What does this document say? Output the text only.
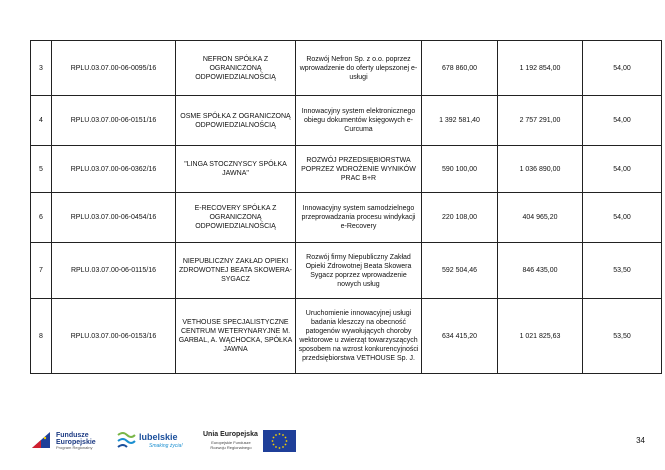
3	RPLU.03.07.00-06-0095/16	NEFRON SPÓŁKA Z OGRANICZONĄ ODPOWIEDZIALNOŚCIĄ	Rozwój Nefron Sp. z o.o. poprzez wprowadzenie do oferty ulepszonej e-usługi	678 860,00	1 192 854,00	54,00
4	RPLU.03.07.00-06-0151/16	OSME SPÓŁKA Z OGRANICZONĄ ODPOWIEDZIALNOŚCIĄ	Innowacyjny system elektronicznego obiegu dokumentów księgowych e-Curcuma	1 392 581,40	2 757 291,00	54,00
5	RPLU.03.07.00-06-0362/16	"LINGA STOCZNYSCY SPÓŁKA JAWNA"	ROZWÓJ PRZEDSIĘBIORSTWA POPRZEZ WDROŻENIE WYNIKÓW PRAC B+R	590 100,00	1 036 890,00	54,00
6	RPLU.03.07.00-06-0454/16	E-RECOVERY SPÓŁKA Z OGRANICZONĄ ODPOWIEDZIALNOŚCIĄ	Innowacyjny system samodzielnego przeprowadzania procesu windykacji e-Recovery	220 108,00	404 965,20	54,00
7	RPLU.03.07.00-06-0115/16	NIEPUBLICZNY ZAKŁAD OPIEKI ZDROWOTNEJ BEATA SKOWERA-SYGACZ	Rozwój firmy Niepubliczny Zakład Opieki Zdrowotnej Beata Skowera Sygacz poprzez wprowadzenie nowych usług	592 504,46	846 435,00	53,50
8	RPLU.03.07.00-06-0153/16	VETHOUSE SPECJALISTYCZNE CENTRUM WETERYNARYJNE M. GARBAL, A. WĄCHOCKA, SPÓŁKA JAWNA	Uruchomienie innowacyjnej usługi badania kleszczy na obecność patogenów wywołujących choroby wektorowe u zwierząt towarzyszących sposobem na wzrost konkurencyjności przedsiębiorstwa VETHOUSE Sp. J.	634 415,20	1 021 825,63	53,50
Fundusze Europejskie
Program Regionalny
lubelskie
Smaking życia!
Unia Europejska
Europejskie Fundusze Rozwoju Regionalnego
34
